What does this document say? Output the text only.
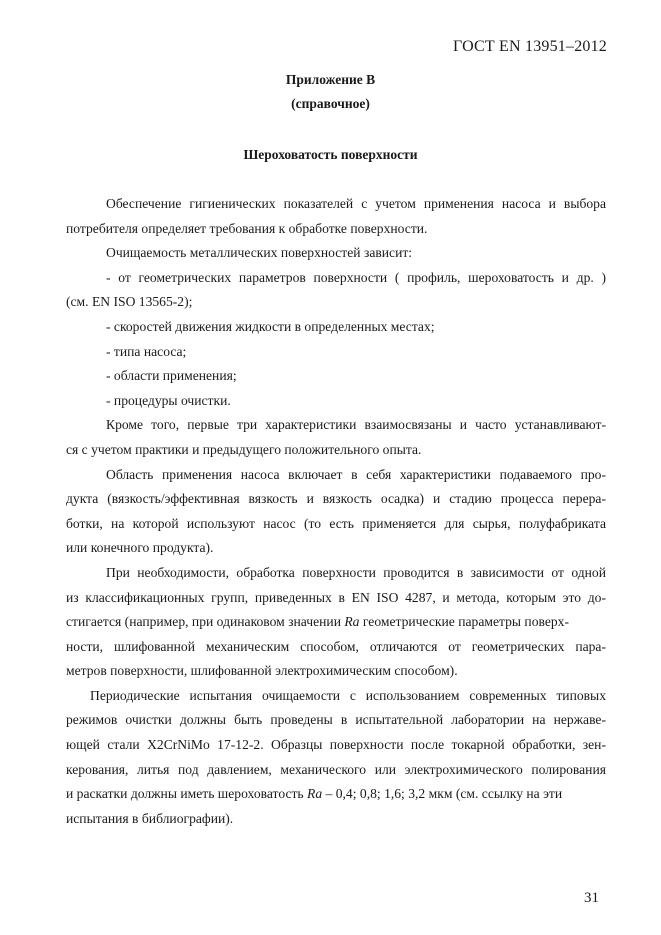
ГОСТ EN 13951–2012
Приложение В
(справочное)
Шероховатость поверхности
Обеспечение гигиенических показателей с учетом применения насоса и выбора
потребителя определяет требования к обработке поверхности.
Очищаемость металлических поверхностей зависит:
- от геометрических параметров поверхности ( профиль, шероховатость и др. )
(см. EN ISO 13565-2);
- скоростей движения жидкости в определенных местах;
- типа насоса;
- области применения;
- процедуры очистки.
Кроме того, первые три характеристики взаимосвязаны и часто устанавливают-
ся с учетом практики и предыдущего положительного опыта.
Область применения насоса включает в себя характеристики подаваемого про-
дукта (вязкость/эффективная вязкость и вязкость осадка) и стадию процесса перера-
ботки, на которой используют насос (то есть применяется для сырья, полуфабриката
или конечного продукта).
При необходимости, обработка поверхности проводится в зависимости от одной
из классификационных групп, приведенных в EN ISO 4287, и метода, которым это до-
стигается (например, при одинаковом значении Ra геометрические параметры поверх-
ности, шлифованной механическим способом, отличаются от геометрических пара-
метров поверхности, шлифованной электрохимическим способом).
Периодические испытания очищаемости с использованием современных типовых
режимов очистки должны быть проведены в испытательной лаборатории на нержаве-
ющей стали X2CrNiMo 17-12-2. Образцы поверхности после токарной обработки, зен-
керования, литья под давлением, механического или электрохимического полирования
и раскатки должны иметь шероховатость Ra – 0,4; 0,8; 1,6; 3,2 мкм (см. ссылку на эти
испытания в библиографии).
31
